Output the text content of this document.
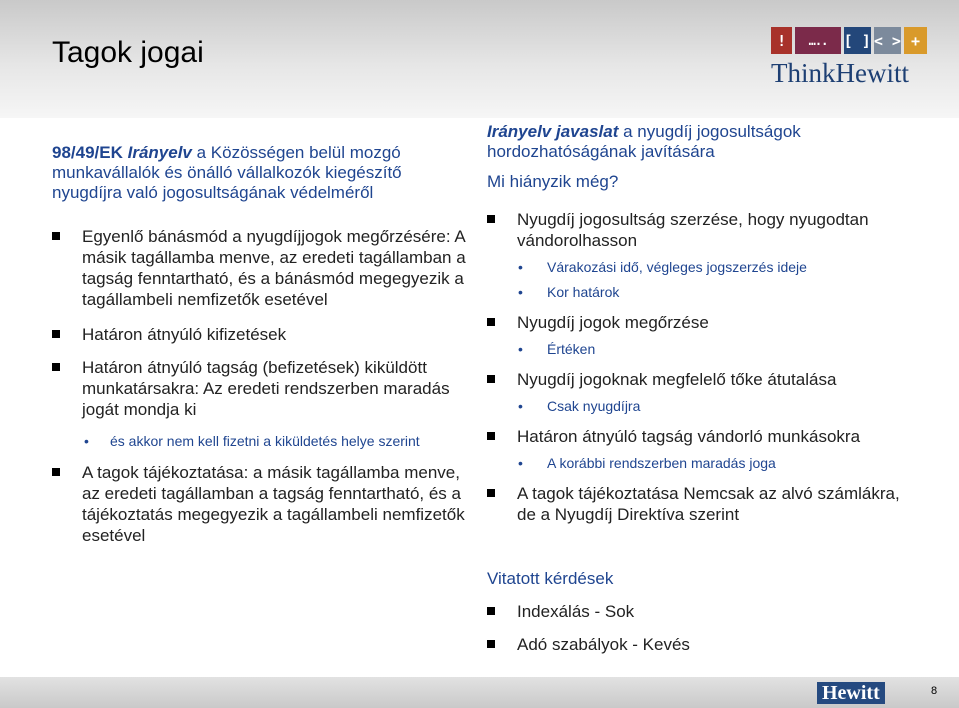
Tagok jogai	!	…..	[ ] < > +
ThinkHewitt
98/49/EK Irányelv a Közösségen belül mozgó munkavállalók és önálló vállalkozók kiegészítő nyugdíjra való jogosultságának védelméről
Egyenlő bánásmód a nyugdíjjogok megőrzésére: A másik tagállamba menve, az eredeti tagállamban a tagság fenntartható, és a bánásmód megegyezik a tagállambeli nemfizetők esetével
Határon átnyúló kifizetések
Határon átnyúló tagság (befizetések) kiküldött munkatársakra: Az eredeti rendszerben maradás jogát mondja ki
• és akkor nem kell fizetni a kiküldetés helye szerint
A tagok tájékoztatása: a másik tagállamba menve, az eredeti tagállamban a tagság fenntartható, és a tájékoztatás megegyezik a tagállambeli nemfizetők esetével
Irányelv javaslat a nyugdíj jogosultságok hordozhatóságának javítására
Mi hiányzik még?
Nyugdíj jogosultság szerzése, hogy nyugodtan vándorolhasson
• Várakozási idő, végleges jogszerzés ideje
• Kor határok
Nyugdíj jogok megőrzése
• Értéken
Nyugdíj jogoknak megfelelő tőke átutalása
• Csak nyugdíjra
Határon átnyúló tagság vándorló munkásokra
• A korábbi rendszerben maradás joga
A tagok tájékoztatása Nemcsak az alvó számlákra, de a Nyugdíj Direktíva szerint
Vitatott kérdések
Indexálás - Sok
Adó szabályok - Kevés
Hewitt	8
